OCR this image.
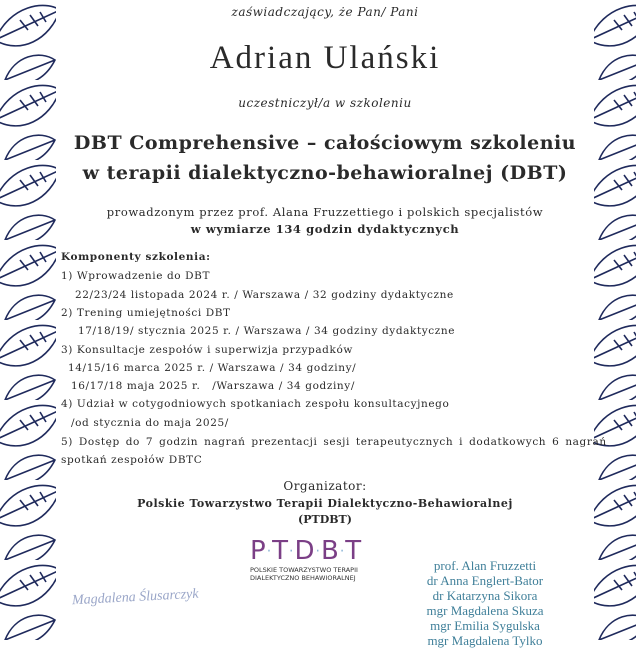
zaświadczający, że Pan/ Pani
Adrian Ulański
uczestniczył/a w szkoleniu
DBT Comprehensive – całościowym szkoleniu
w terapii dialektyczno-behawioralnej (DBT)
prowadzonym przez prof. Alana Fruzzettiego i polskich specjalistów
w wymiarze 134 godzin dydaktycznych
Komponenty szkolenia:
1) Wprowadzenie do DBT
22/23/24 listopada 2024 r. / Warszawa / 32 godziny dydaktyczne
2) Trening umiejętności DBT
17/18/19/ stycznia 2025 r. / Warszawa / 34 godziny dydaktyczne
3) Konsultacje zespołów i superwizja przypadków
14/15/16 marca 2025 r. / Warszawa / 34 godziny/
16/17/18 maja 2025 r.   /Warszawa / 34 godziny/
4) Udział w cotygodniowych spotkaniach zespołu konsultacyjnego
/od stycznia do maja 2025/
5) Dostęp do 7 godzin nagrań prezentacji sesji terapeutycznych i dodatkowych 6 nagrań
spotkań zespołów DBTC
Organizator:
Polskie Towarzystwo Terapii Dialektyczno-Behawioralnej
(PTDBT)
P·T·D·B·T
POLSKIE TOWARZYSTWO TERAPII
DIALEKTYCZNO BEHAWIORALNEJ
Magdalena Ślusarczyk
prof. Alan Fruzzetti
dr Anna Englert-Bator
dr Katarzyna Sikora
mgr Magdalena Skuza
mgr Emilia Sygulska
mgr Magdalena Tylko
